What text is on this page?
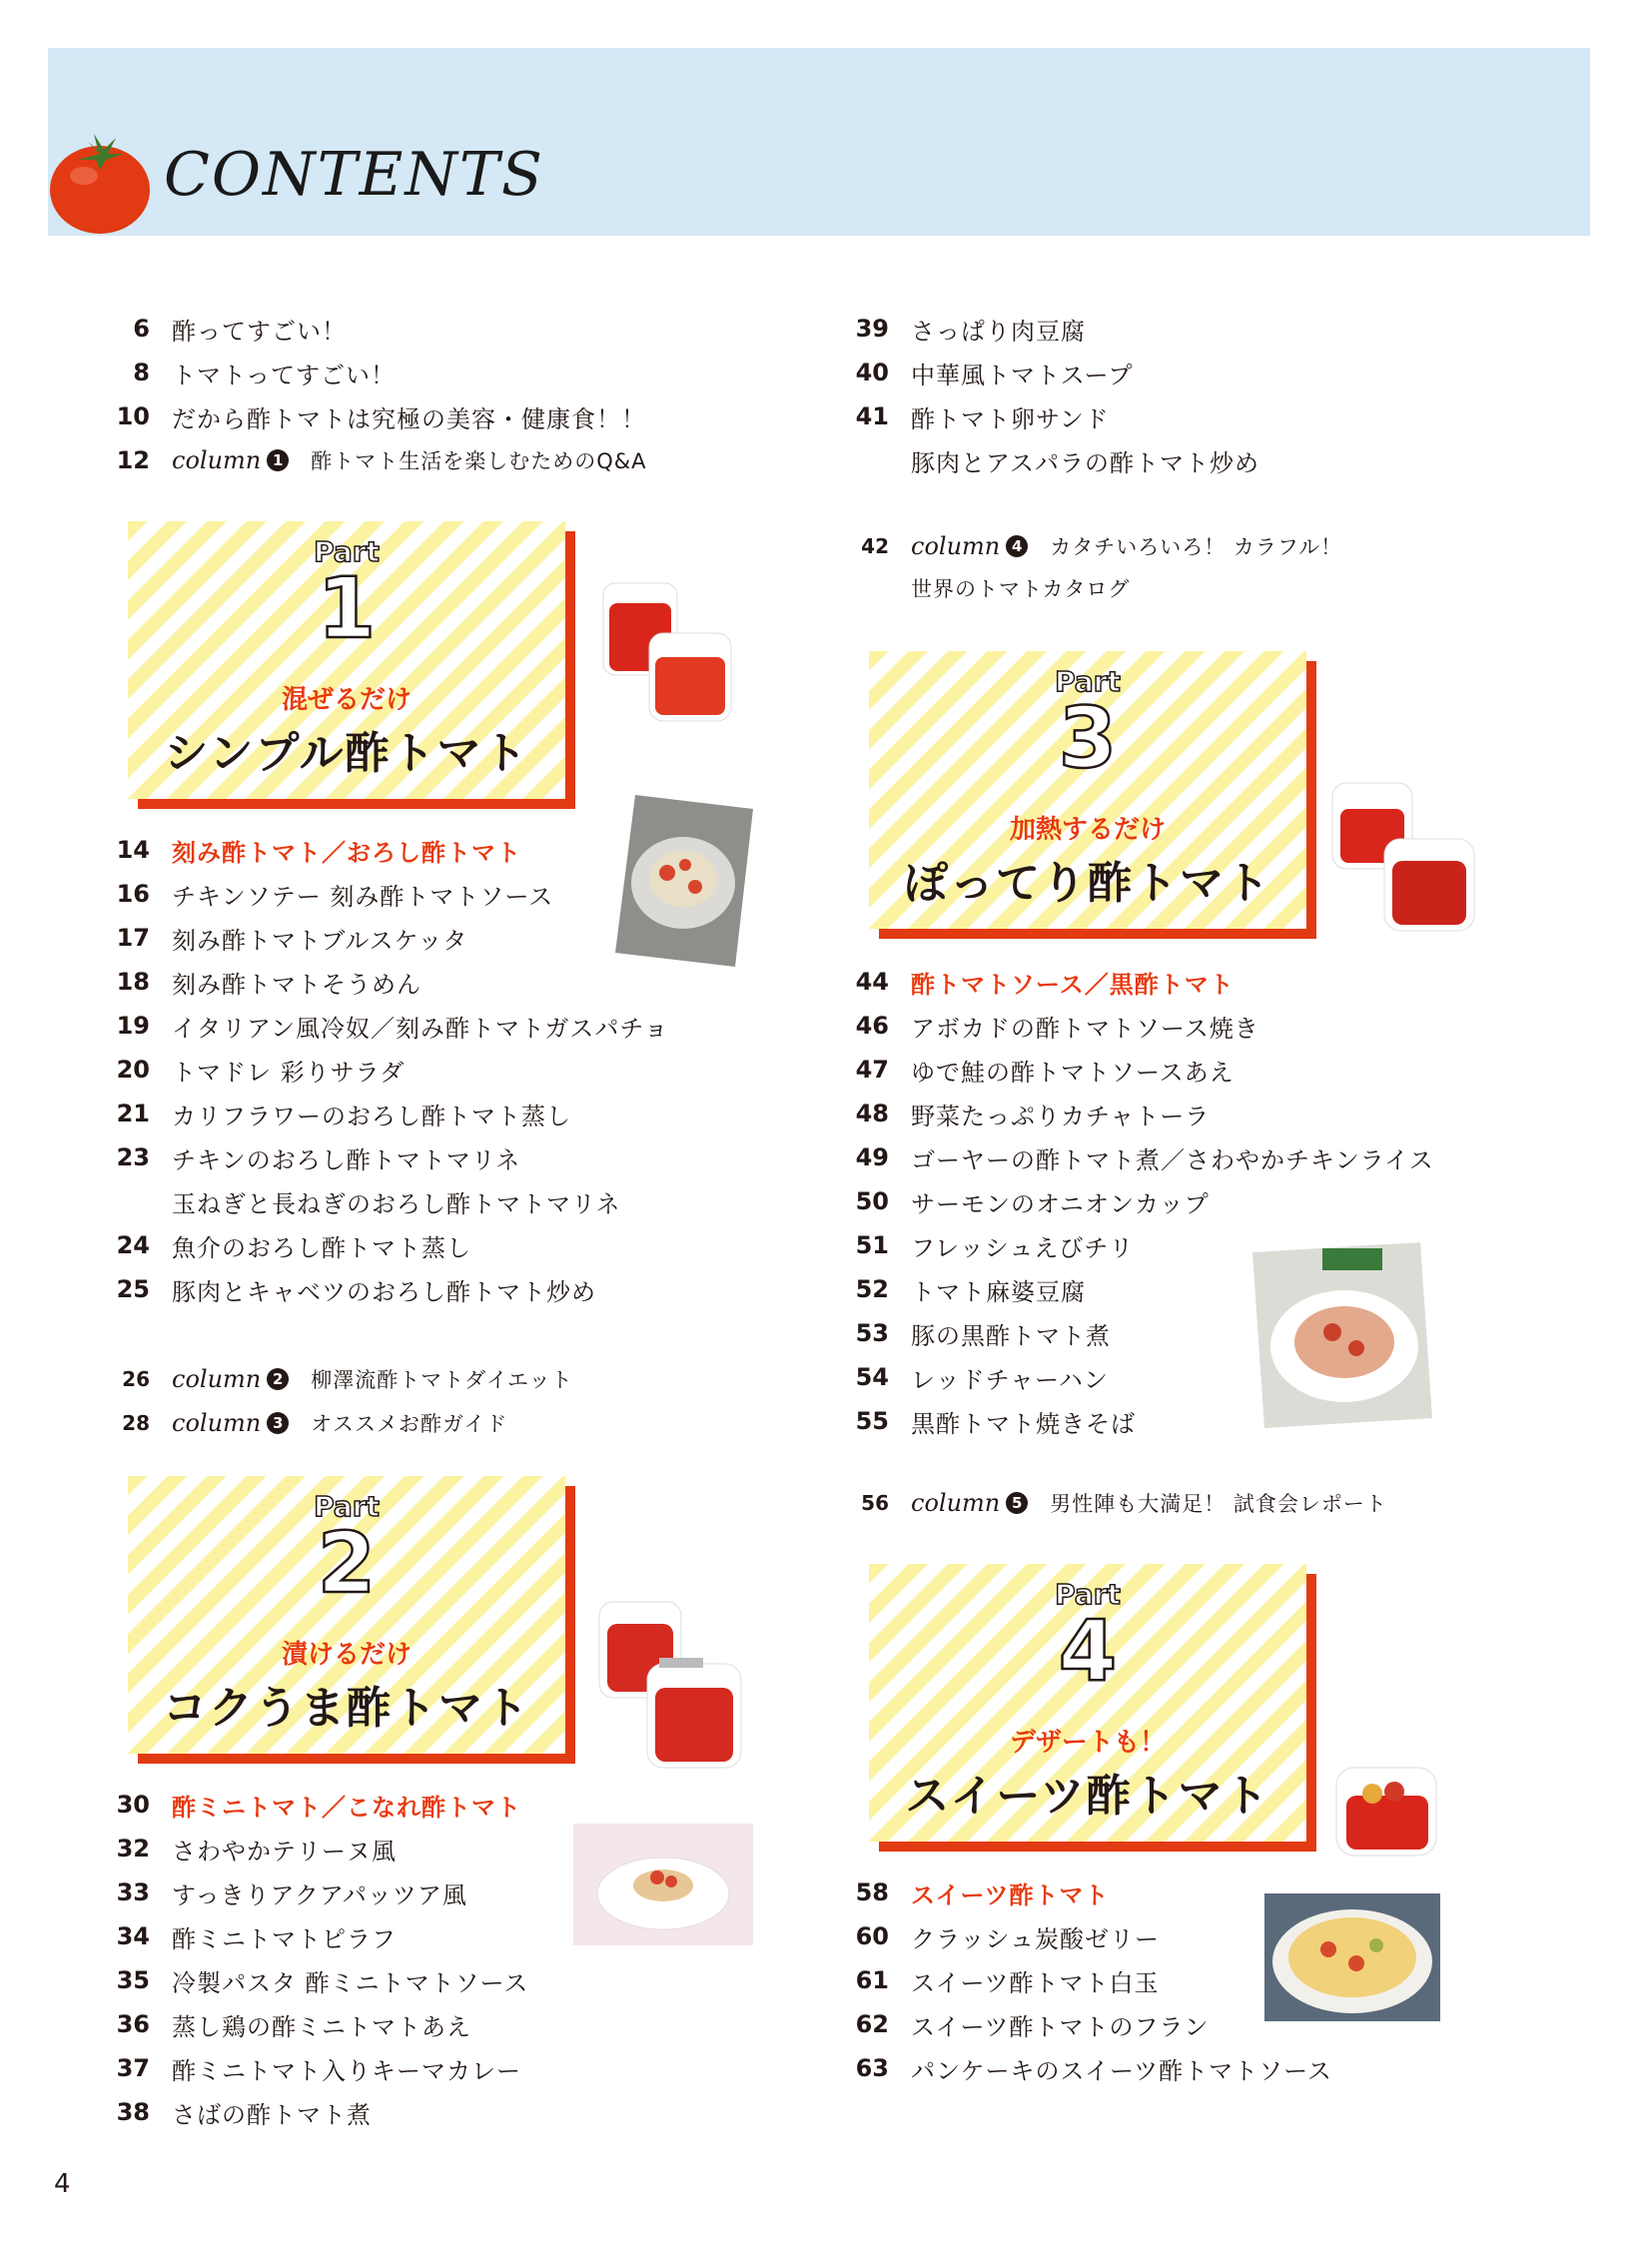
CONTENTS
6 酢ってすごい！
8 トマトってすごい！
10 だから酢トマトは究極の美容・健康食！！
12 column 1 酢トマト生活を楽しむためのQ&A
Part
1
混ぜるだけ
シンプル酢トマト
14 刻み酢トマト／おろし酢トマト
16 チキンソテー 刻み酢トマトソース
17 刻み酢トマトブルスケッタ
18 刻み酢トマトそうめん
19 イタリアン風冷奴／刻み酢トマトガスパチョ
20 トマドレ 彩りサラダ
21 カリフラワーのおろし酢トマト蒸し
23 チキンのおろし酢トマトマリネ
玉ねぎと長ねぎのおろし酢トマトマリネ
24 魚介のおろし酢トマト蒸し
25 豚肉とキャベツのおろし酢トマト炒め
26 column 2 柳澤流酢トマトダイエット
28 column 3 オススメお酢ガイド
Part
2
漬けるだけ
コクうま酢トマト
30 酢ミニトマト／こなれ酢トマト
32 さわやかテリーヌ風
33 すっきりアクアパッツア風
34 酢ミニトマトピラフ
35 冷製パスタ 酢ミニトマトソース
36 蒸し鶏の酢ミニトマトあえ
37 酢ミニトマト入りキーマカレー
38 さばの酢トマト煮
39 さっぱり肉豆腐
40 中華風トマトスープ
41 酢トマト卵サンド
豚肉とアスパラの酢トマト炒め
42 column 4 カタチいろいろ！ カラフル！
世界のトマトカタログ
Part
3
加熱するだけ
ぽってり酢トマト
44 酢トマトソース／黒酢トマト
46 アボカドの酢トマトソース焼き
47 ゆで鮭の酢トマトソースあえ
48 野菜たっぷりカチャトーラ
49 ゴーヤーの酢トマト煮／さわやかチキンライス
50 サーモンのオニオンカップ
51 フレッシュえびチリ
52 トマト麻婆豆腐
53 豚の黒酢トマト煮
54 レッドチャーハン
55 黒酢トマト焼きそば
56 column 5 男性陣も大満足！ 試食会レポート
Part
4
デザートも！
スイーツ酢トマト
58 スイーツ酢トマト
60 クラッシュ炭酸ゼリー
61 スイーツ酢トマト白玉
62 スイーツ酢トマトのフラン
63 パンケーキのスイーツ酢トマトソース
4
